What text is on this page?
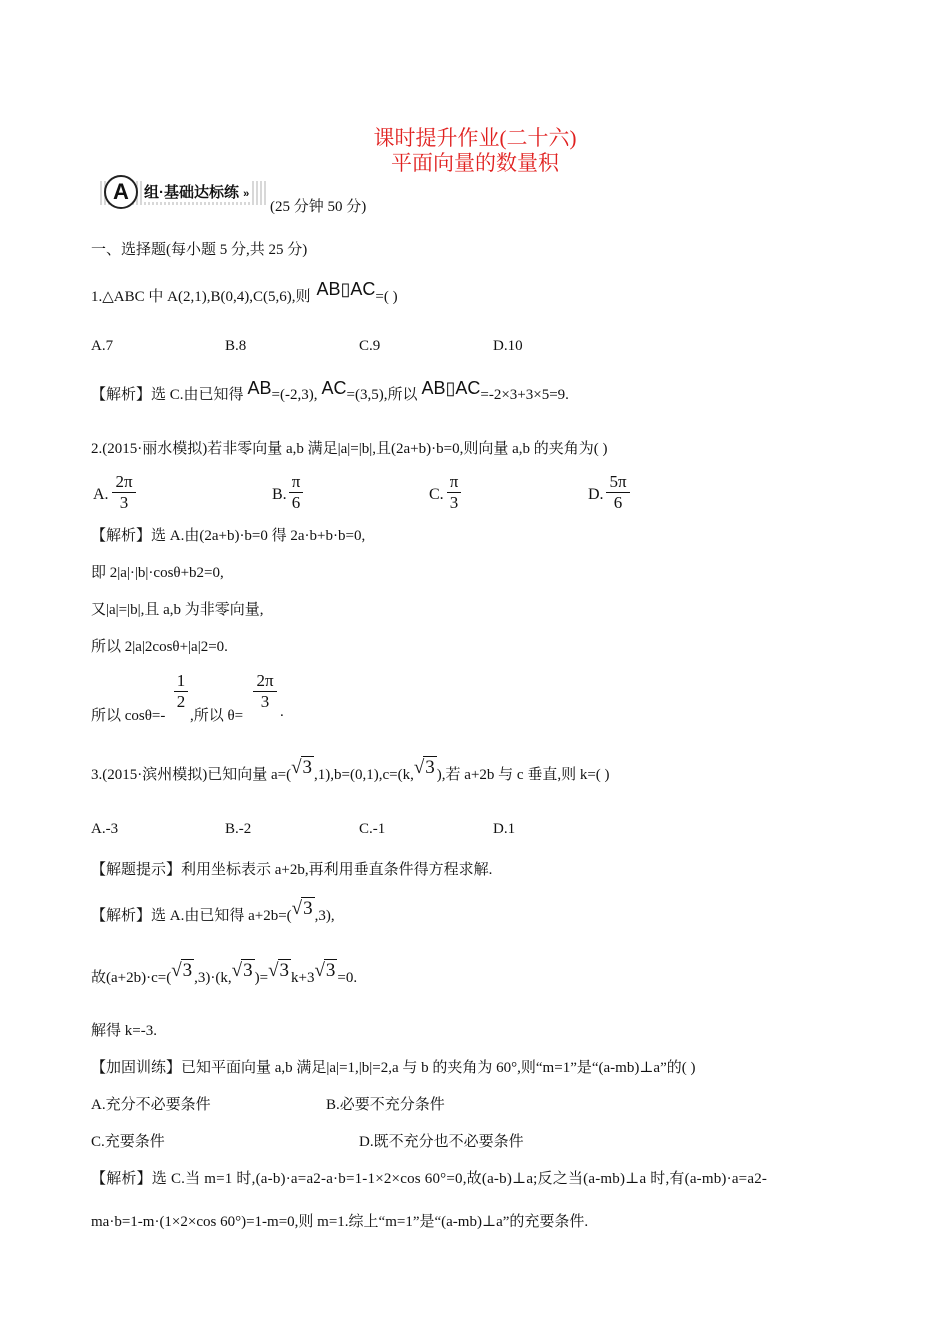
课时提升作业(二十六)
平面向量的数量积
A	组·基础达标练 »
(25 分钟 50 分)
一、选择题(每小题 5 分,共 25 分)
1.△ABC 中 A(2,1),B(0,4),C(5,6),则 AB▯AC=( )
A.7	B.8	C.9	D.10
【解析】选 C.由已知得 AB=(-2,3), AC=(3,5),所以 AB▯AC=-2×3+3×5=9.
2.(2015·丽水模拟)若非零向量 a,b 满足|a|=|b|,且(2a+b)·b=0,则向量 a,b 的夹角为( )
A.
2π
3	B.
π
6	C.
π
3	D.
5π
6
【解析】选 A.由(2a+b)·b=0 得 2a·b+b·b=0,
即 2|a|·|b|·cosθ+b2=0,
又|a|=|b|,且 a,b 为非零向量,
所以 2|a|2cosθ+|a|2=0.
所以 cosθ=-
1
2
,所以 θ=
2π
3
.
3.(2015·滨州模拟)已知向量 a=(√3 ,1),b=(0,1),c=(k,√3 ),若 a+2b 与 c 垂直,则 k=( )
A.-3	B.-2	C.-1	D.1
【解题提示】利用坐标表示 a+2b,再利用垂直条件得方程求解.
【解析】选 A.由已知得 a+2b=(√3 ,3),
故(a+2b)·c=(√3 ,3)·(k,√3 )=√3 k+3√3 =0.
解得 k=-3.
【加固训练】已知平面向量 a,b 满足|a|=1,|b|=2,a 与 b 的夹角为 60°,则“m=1”是“(a-mb)⊥a”的( )
A.充分不必要条件	B.必要不充分条件
C.充要条件	D.既不充分也不必要条件
【解析】选 C.当 m=1 时,(a-b)·a=a2-a·b=1-1×2×cos 60°=0,故(a-b)⊥a;反之当(a-mb)⊥a 时,有(a-mb)·a=a2-
ma·b=1-m·(1×2×cos 60°)=1-m=0,则 m=1.综上“m=1”是“(a-mb)⊥a”的充要条件.
